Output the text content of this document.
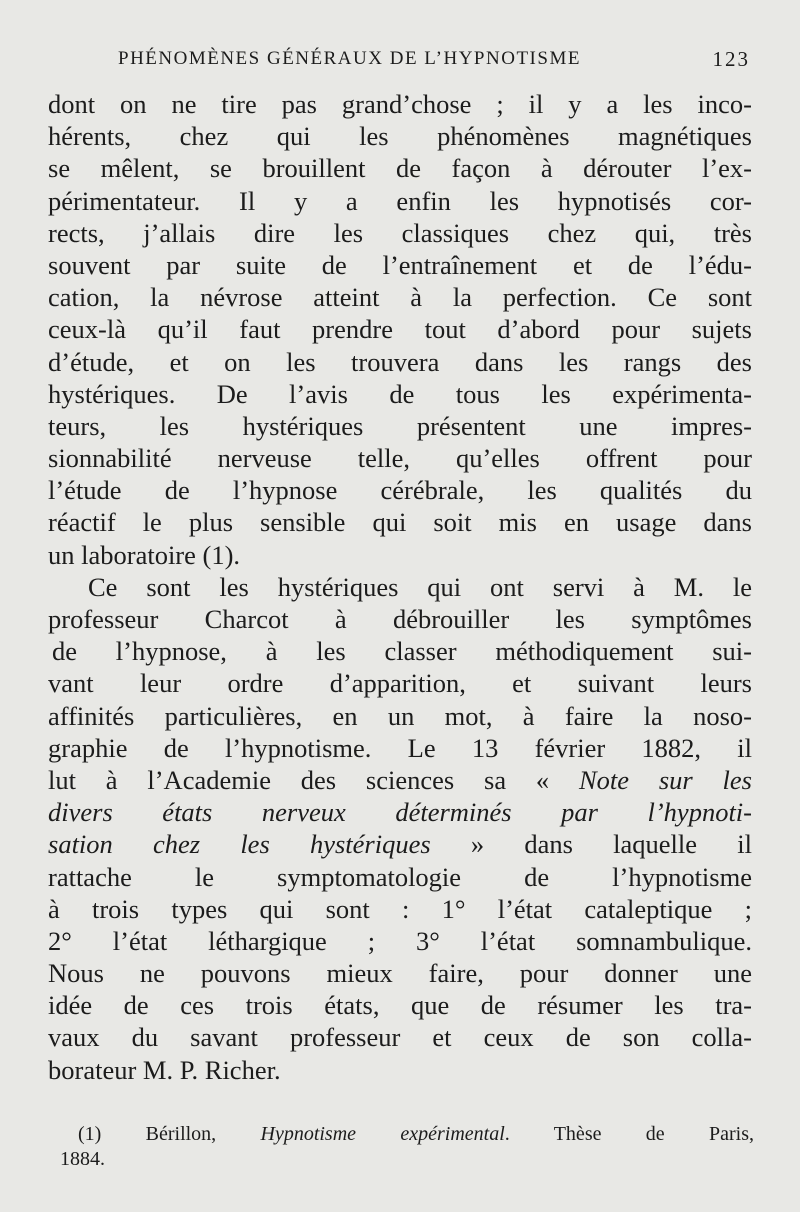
PHÉNOMÈNES GÉNÉRAUX DE L’HYPNOTISME	123
dont on ne tire pas grand’chose ; il y a les inco-
hérents, chez qui les phénomènes magnétiques
se mêlent, se brouillent de façon à dérouter l’ex-
périmentateur. Il y a enfin les hypnotisés cor-
rects, j’allais dire les classiques chez qui, très
souvent par suite de l’entraînement et de l’édu-
cation, la névrose atteint à la perfection. Ce sont
ceux-là qu’il faut prendre tout d’abord pour sujets
d’étude, et on les trouvera dans les rangs des
hystériques. De l’avis de tous les expérimenta-
teurs, les hystériques présentent une impres-
sionnabilité nerveuse telle, qu’elles offrent pour
l’étude de l’hypnose cérébrale, les qualités du
réactif le plus sensible qui soit mis en usage dans
un laboratoire (1).
Ce sont les hystériques qui ont servi à M. le
professeur Charcot à débrouiller les symptômes
de l’hypnose, à les classer méthodiquement sui-
vant leur ordre d’apparition, et suivant leurs
affinités particulières, en un mot, à faire la noso-
graphie de l’hypnotisme. Le 13 février 1882, il
lut à l’Academie des sciences sa « Note sur les
divers états nerveux déterminés par l’hypnoti-
sation chez les hystériques » dans laquelle il
rattache le symptomatologie de l’hypnotisme
à trois types qui sont : 1° l’état cataleptique ;
2° l’état léthargique ; 3° l’état somnambulique.
Nous ne pouvons mieux faire, pour donner une
idée de ces trois états, que de résumer les tra-
vaux du savant professeur et ceux de son colla-
borateur M. P. Richer.
(1) Bérillon, Hypnotisme expérimental. Thèse de Paris,
1884.
